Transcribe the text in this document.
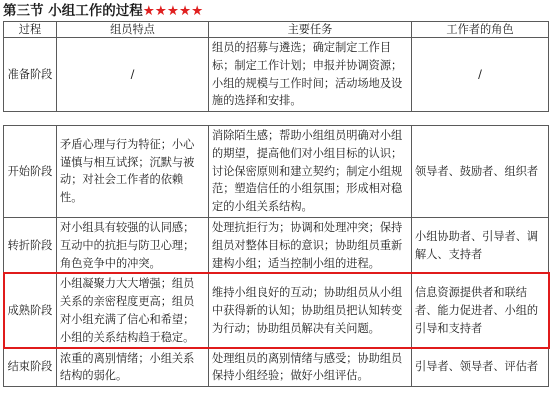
第三节 小组工作的过程★★★★★
过程	组员特点	主要任务	工作者的角色
准备阶段	/	组员的招募与遴选；确定制定工作目标；制定工作计划；申报并协调资源；小组的规模与工作时间；活动场地及设施的选择和安排。	/
开始阶段	矛盾心理与行为特征；小心谨慎与相互试探；沉默与被动；对社会工作者的依赖性。	消除陌生感；帮助小组组员明确对小组的期望，提高他们对小组目标的认识；讨论保密原则和建立契约；制定小组规范；塑造信任的小组氛围；形成相对稳定的小组关系结构。	领导者、鼓励者、组织者
转折阶段	对小组具有较强的认同感；互动中的抗拒与防卫心理；角色竞争中的冲突。	处理抗拒行为；协调和处理冲突；保持组员对整体目标的意识；协助组员重新建构小组；适当控制小组的进程。	小组协助者、引导者、调解人、支持者
成熟阶段	小组凝聚力大大增强；组员关系的亲密程度更高；组员对小组充满了信心和希望；小组的关系结构趋于稳定。	维持小组良好的互动；协助组员从小组中获得新的认知；协助组员把认知转变为行动；协助组员解决有关问题。	信息资源提供者和联结者、能力促进者、小组的引导和支持者
结束阶段	浓重的离别情绪；小组关系结构的弱化。	处理组员的离别情绪与感受；协助组员保持小组经验；做好小组评估。	引导者、领导者、评估者
